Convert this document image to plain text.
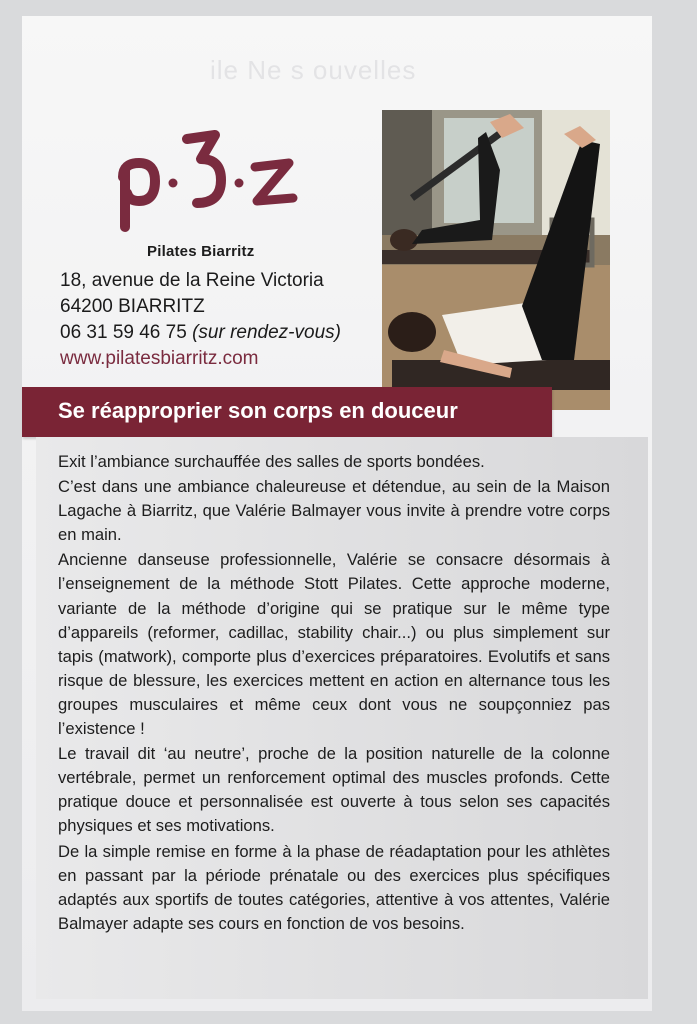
ile Ne s ouvelles
Pilates Biarritz
18, avenue de la Reine Victoria
64200 BIARRITZ
06 31 59 46 75 (sur rendez-vous)
www.pilatesbiarritz.com
Se réapproprier son corps en douceur

Exit l’ambiance surchauffée des salles de sports bondées.

C’est dans une ambiance chaleureuse et détendue, au sein de la Maison Lagache à Biarritz, que Valérie Balmayer vous invite à prendre votre corps en main.

Ancienne danseuse professionnelle, Valérie se consacre désormais à l’enseignement de la méthode Stott Pilates. Cette approche moderne, variante de la méthode d’origine qui se pratique sur le même type d’appareils (reformer, cadillac, stability chair...) ou plus simplement sur tapis (matwork), comporte plus d’exercices préparatoires. Evolutifs et sans risque de blessure, les exercices mettent en action en alternance tous les groupes musculaires et même ceux dont vous ne soupçonniez pas l’existence !

Le travail dit ‘au neutre’, proche de la position naturelle de la colonne vertébrale, permet un renforcement optimal des muscles profonds. Cette pratique douce et personnalisée est ouverte à tous selon ses capacités physiques et ses motivations.

De la simple remise en forme à la phase de réadaptation pour les athlètes en passant par la période prénatale ou des exercices plus spécifiques adaptés aux sportifs de toutes catégories, attentive à vos attentes, Valérie Balmayer adapte ses cours en fonction de vos besoins.
